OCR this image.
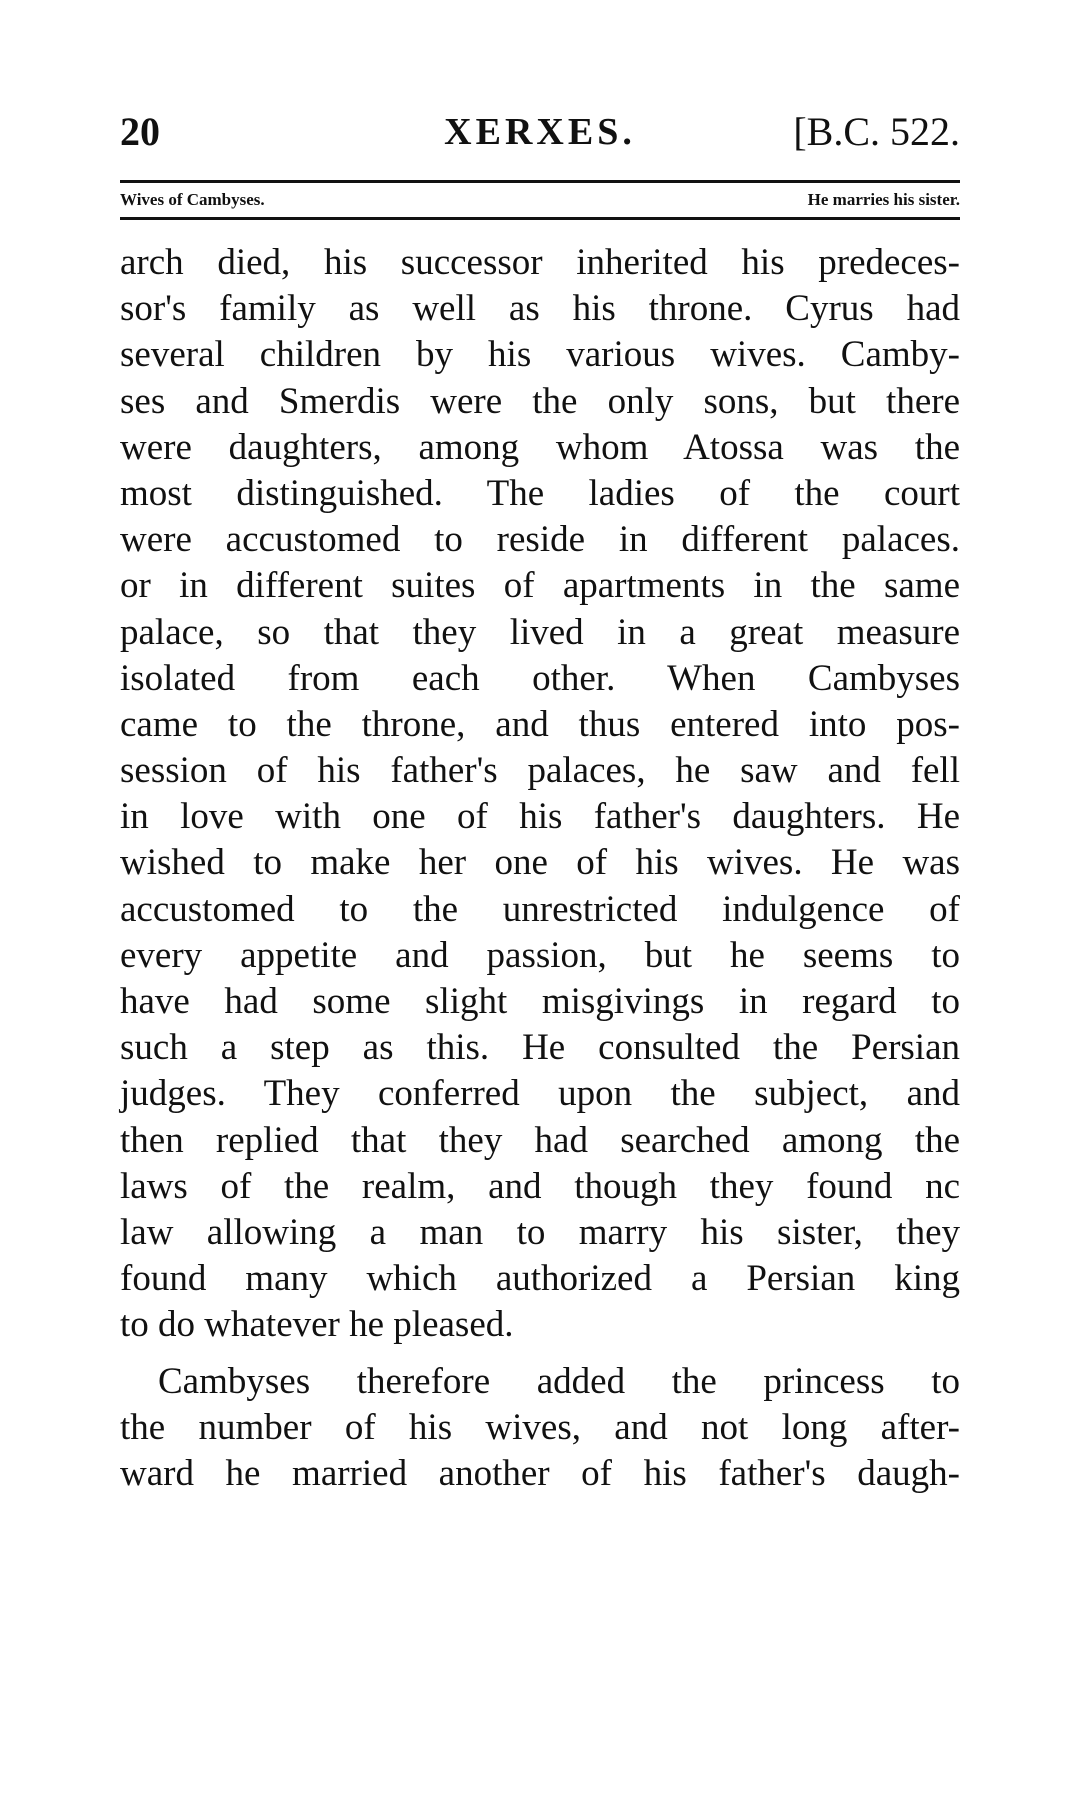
20	XERXES.	[B.C. 522.
Wives of Cambyses.	He marries his sister.
arch died, his successor inherited his predeces-
sor's family as well as his throne. Cyrus had
several children by his various wives. Camby-
ses and Smerdis were the only sons, but there
were daughters, among whom Atossa was the
most distinguished. The ladies of the court
were accustomed to reside in different palaces.
or in different suites of apartments in the same
palace, so that they lived in a great measure
isolated from each other. When Cambyses
came to the throne, and thus entered into pos-
session of his father's palaces, he saw and fell
in love with one of his father's daughters. He
wished to make her one of his wives. He was
accustomed to the unrestricted indulgence of
every appetite and passion, but he seems to
have had some slight misgivings in regard to
such a step as this. He consulted the Persian
judges. They conferred upon the subject, and
then replied that they had searched among the
laws of the realm, and though they found nc
law allowing a man to marry his sister, they
found many which authorized a Persian king
to do whatever he pleased.
Cambyses therefore added the princess to
the number of his wives, and not long after-
ward he married another of his father's daugh-
